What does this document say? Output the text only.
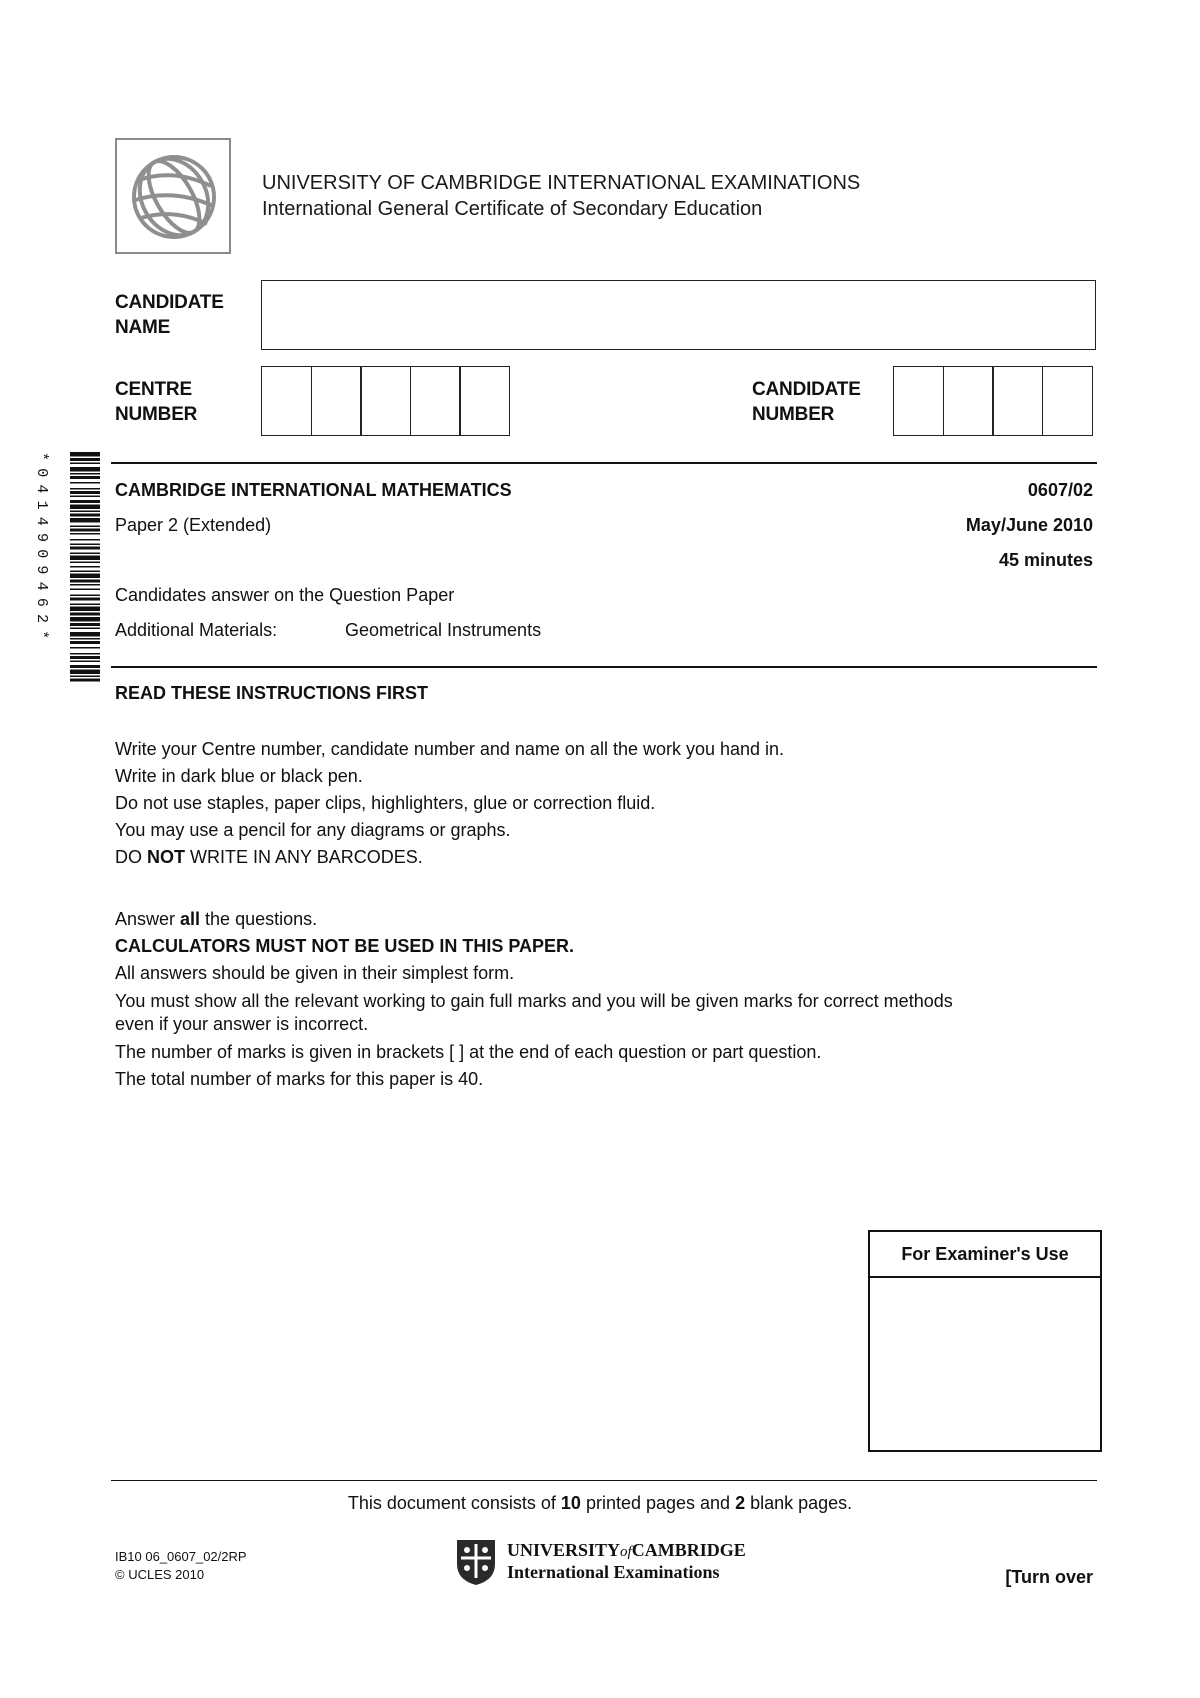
UNIVERSITY OF CAMBRIDGE INTERNATIONAL EXAMINATIONS
International General Certificate of Secondary Education
CANDIDATE
NAME
CENTRE
NUMBER
CANDIDATE
NUMBER
*0414909462*	CAMBRIDGE INTERNATIONAL MATHEMATICS	0607/02
Paper 2 (Extended)	May/June 2010
45 minutes
Candidates answer on the Question Paper
Additional Materials:	Geometrical Instruments
READ THESE INSTRUCTIONS FIRST

Write your Centre number, candidate number and name on all the work you hand in.

Write in dark blue or black pen.

Do not use staples, paper clips, highlighters, glue or correction fluid.

You may use a pencil for any diagrams or graphs.

DO NOT WRITE IN ANY BARCODES.

Answer all the questions.

CALCULATORS MUST NOT BE USED IN THIS PAPER.

All answers should be given in their simplest form.

You must show all the relevant working to gain full marks and you will be given marks for correct methods
even if your answer is incorrect.

The number of marks is given in brackets [ ] at the end of each question or part question.

The total number of marks for this paper is 40.

For Examiner's Use
This document consists of 10 printed pages and 2 blank pages.
IB10 06_0607_02/2RP
© UCLES 2010
UNIVERSITYofCAMBRIDGE
International Examinations	[Turn over
